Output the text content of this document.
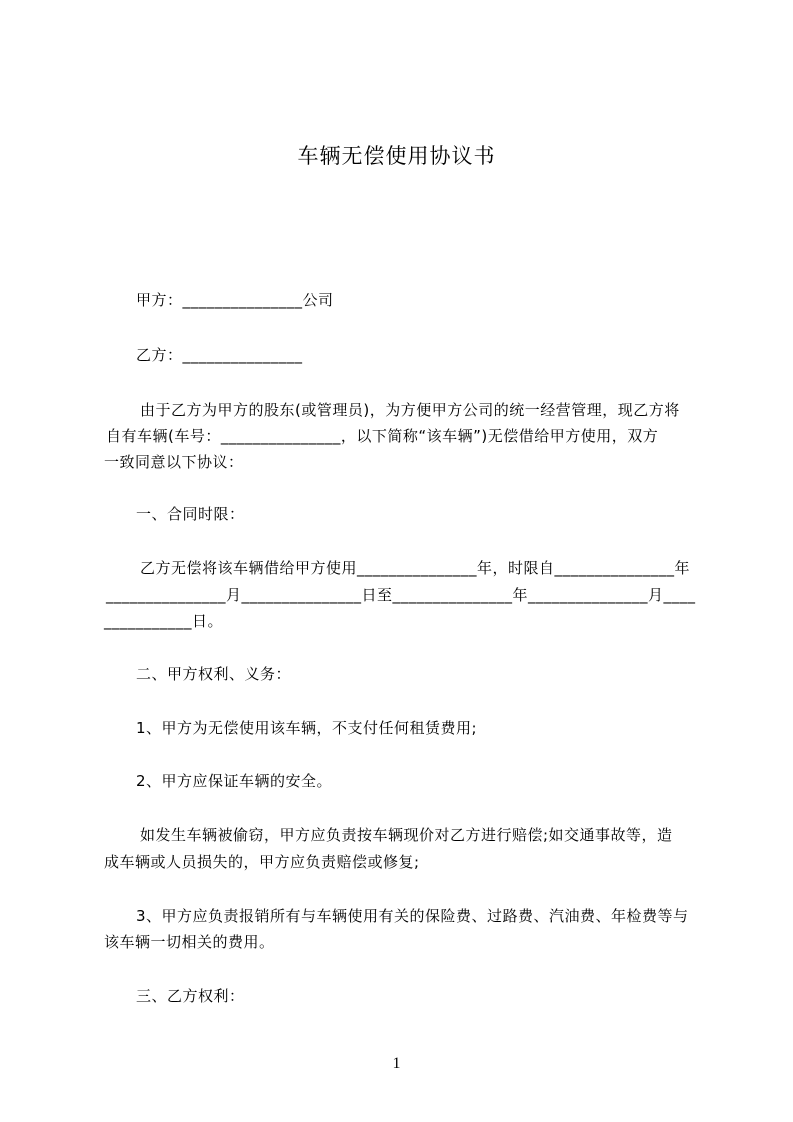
车辆无偿使用协议书
甲方：_______________公司
乙方：_______________
由于乙方为甲方的股东(或管理员)，为方便甲方公司的统一经营管理，现乙方将
自有车辆(车号：_______________，以下简称“该车辆”)无偿借给甲方使用，双方
一致同意以下协议：
一、合同时限：
乙方无偿将该车辆借给甲方使用_______________年，时限自_______________年
_______________月_______________日至_______________年_______________月____
___________日。
二、甲方权利、义务：
1、甲方为无偿使用该车辆，不支付任何租赁费用;
2、甲方应保证车辆的安全。
如发生车辆被偷窃，甲方应负责按车辆现价对乙方进行赔偿;如交通事故等，造
成车辆或人员损失的，甲方应负责赔偿或修复;
3、甲方应负责报销所有与车辆使用有关的保险费、过路费、汽油费、年检费等与
该车辆一切相关的费用。
三、乙方权利：
1
